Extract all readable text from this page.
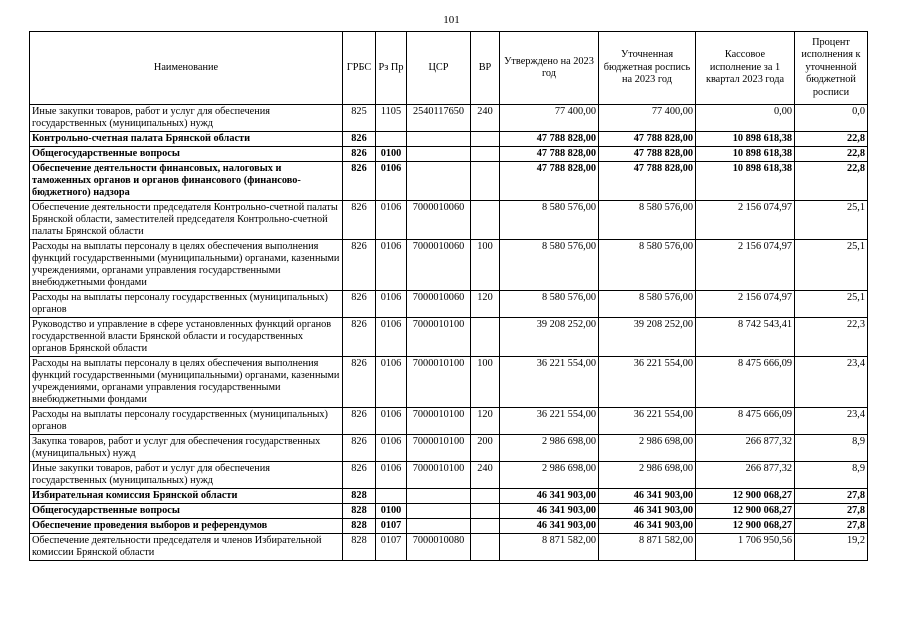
101
Наименование	ГРБС	Рз Пр	ЦСР	ВР	Утверждено на 2023 год	Уточненная бюджетная роспись на 2023 год	Кассовое исполнение за 1 квартал 2023 года	Процент исполнения к уточненной бюджетной росписи
Иные закупки товаров, работ и услуг для обеспечения государственных (муниципальных) нужд	825	1105	2540117650	240	77 400,00	77 400,00	0,00	0,0
Контрольно-счетная палата Брянской области	826				47 788 828,00	47 788 828,00	10 898 618,38	22,8
Общегосударственные вопросы	826	0100			47 788 828,00	47 788 828,00	10 898 618,38	22,8
Обеспечение деятельности финансовых, налоговых и таможенных органов и органов финансового (финансово-бюджетного) надзора	826	0106			47 788 828,00	47 788 828,00	10 898 618,38	22,8
Обеспечение деятельности председателя Контрольно-счетной палаты Брянской области, заместителей председателя Контрольно-счетной палаты Брянской области	826	0106	7000010060		8 580 576,00	8 580 576,00	2 156 074,97	25,1
Расходы на выплаты персоналу в целях обеспечения выполнения функций государственными (муниципальными) органами, казенными учреждениями, органами управления государственными внебюджетными фондами	826	0106	7000010060	100	8 580 576,00	8 580 576,00	2 156 074,97	25,1
Расходы на выплаты персоналу государственных (муниципальных) органов	826	0106	7000010060	120	8 580 576,00	8 580 576,00	2 156 074,97	25,1
Руководство и управление в сфере установленных функций органов государственной власти Брянской области и государственных органов Брянской области	826	0106	7000010100		39 208 252,00	39 208 252,00	8 742 543,41	22,3
Расходы на выплаты персоналу в целях обеспечения выполнения функций государственными (муниципальными) органами, казенными учреждениями, органами управления государственными внебюджетными фондами	826	0106	7000010100	100	36 221 554,00	36 221 554,00	8 475 666,09	23,4
Расходы на выплаты персоналу государственных (муниципальных) органов	826	0106	7000010100	120	36 221 554,00	36 221 554,00	8 475 666,09	23,4
Закупка товаров, работ и услуг для обеспечения государственных (муниципальных) нужд	826	0106	7000010100	200	2 986 698,00	2 986 698,00	266 877,32	8,9
Иные закупки товаров, работ и услуг для обеспечения государственных (муниципальных) нужд	826	0106	7000010100	240	2 986 698,00	2 986 698,00	266 877,32	8,9
Избирательная комиссия Брянской области	828				46 341 903,00	46 341 903,00	12 900 068,27	27,8
Общегосударственные вопросы	828	0100			46 341 903,00	46 341 903,00	12 900 068,27	27,8
Обеспечение проведения выборов и референдумов	828	0107			46 341 903,00	46 341 903,00	12 900 068,27	27,8
Обеспечение деятельности председателя и членов Избирательной комиссии Брянской области	828	0107	7000010080		8 871 582,00	8 871 582,00	1 706 950,56	19,2
